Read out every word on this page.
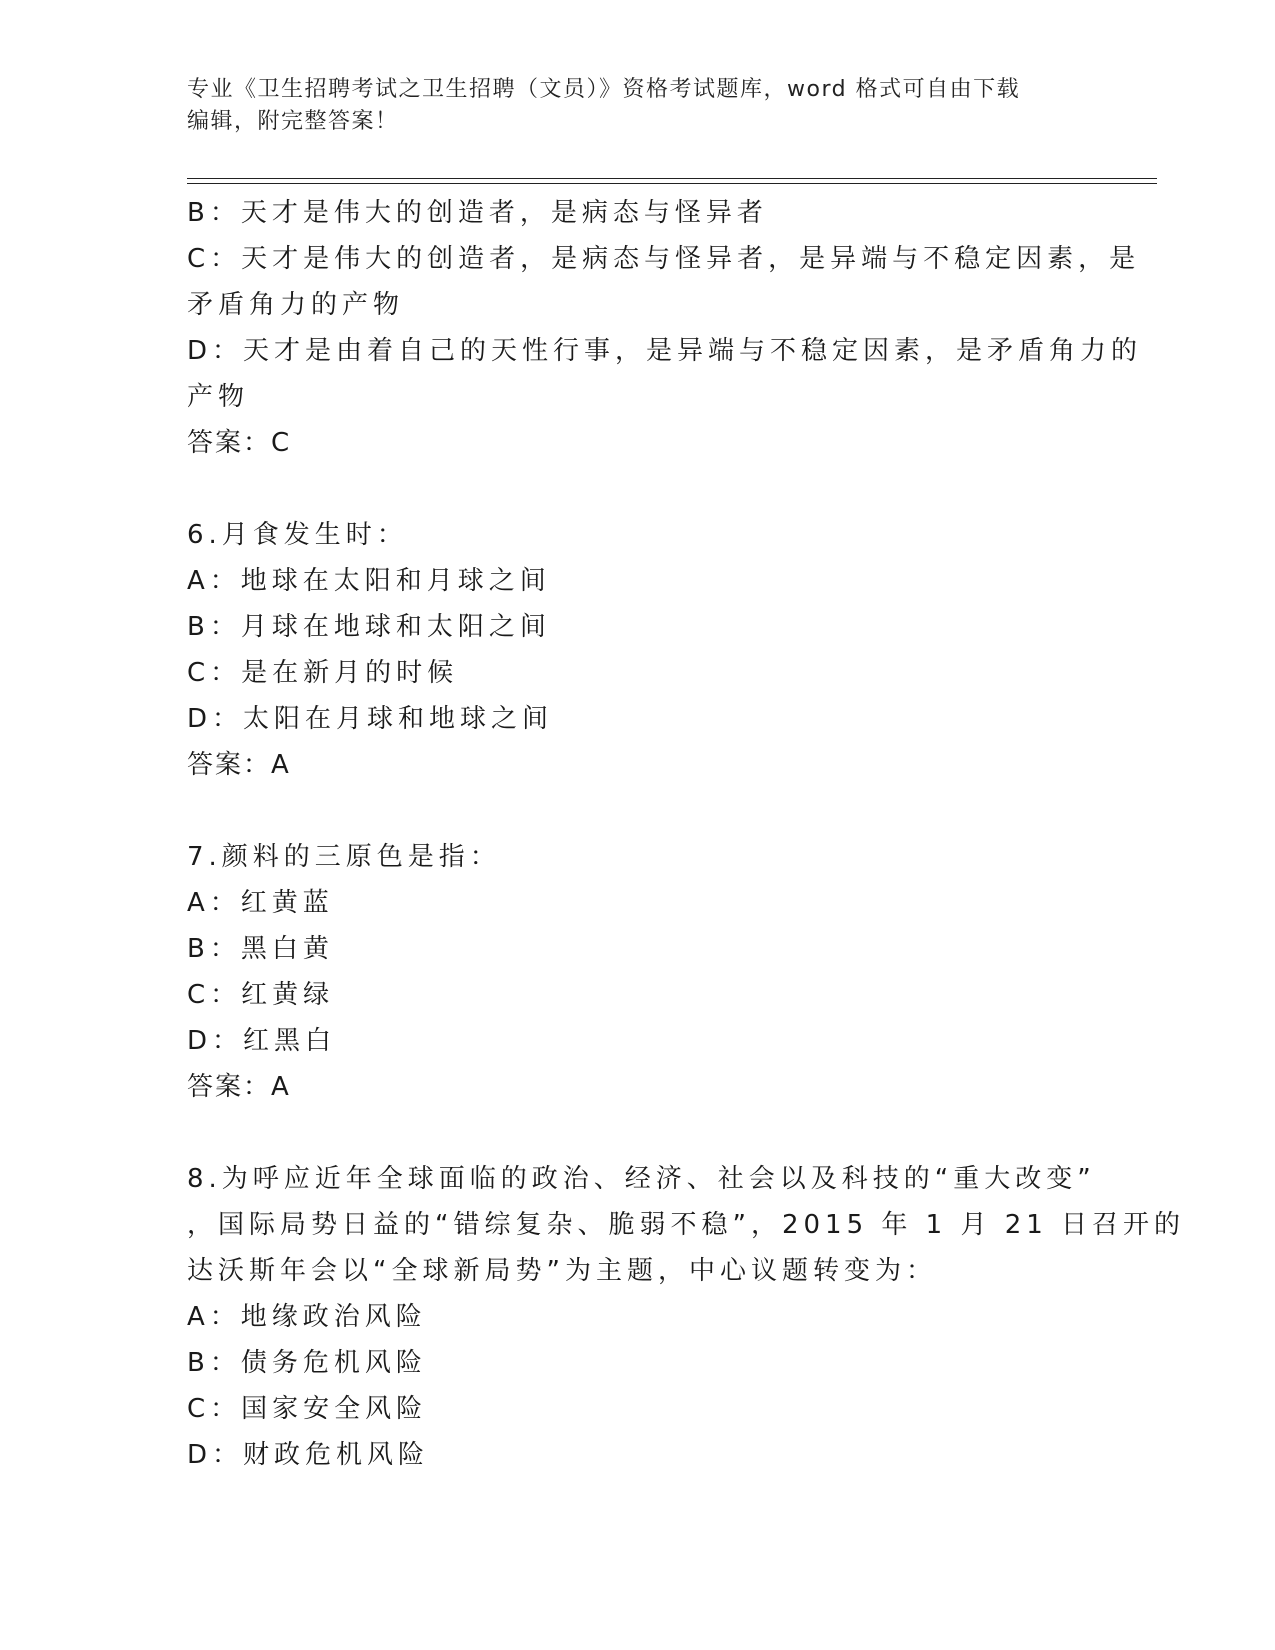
专业《卫生招聘考试之卫生招聘（文员）》资格考试题库，word 格式可自由下载
编辑，附完整答案！
B：天才是伟大的创造者，是病态与怪异者
C：天才是伟大的创造者，是病态与怪异者，是异端与不稳定因素，是
矛盾角力的产物
D：天才是由着自己的天性行事，是异端与不稳定因素，是矛盾角力的
产物
答案：C
6.月食发生时：
A：地球在太阳和月球之间
B：月球在地球和太阳之间
C：是在新月的时候
D：太阳在月球和地球之间
答案：A
7.颜料的三原色是指：
A：红黄蓝
B：黑白黄
C：红黄绿
D：红黑白
答案：A
8.为呼应近年全球面临的政治、经济、社会以及科技的“重大改变”
，国际局势日益的“错综复杂、脆弱不稳”，2015 年 1 月 21 日召开的
达沃斯年会以“全球新局势”为主题，中心议题转变为：
A：地缘政治风险
B：债务危机风险
C：国家安全风险
D：财政危机风险
